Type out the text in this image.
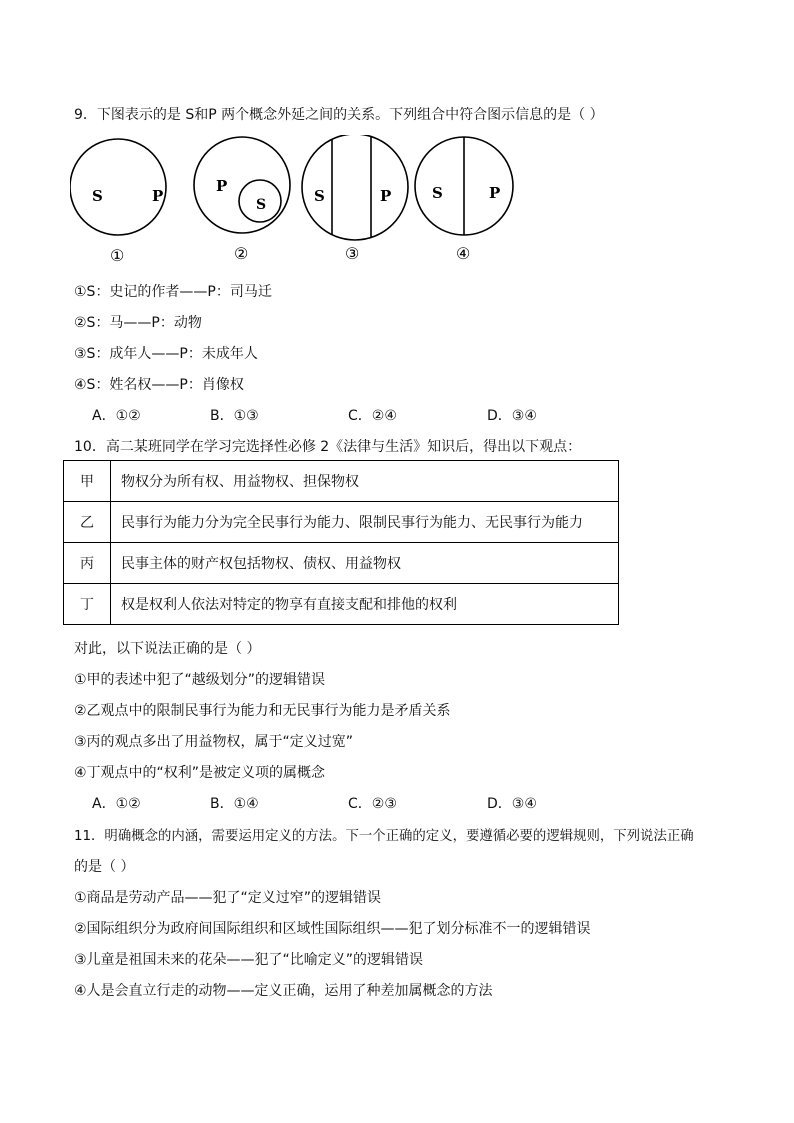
9．下图表示的是 S和P 两个概念外延之间的关系。下列组合中符合图示信息的是（ ）
S	P
①
P
S
②
S	P
③
S	P
④
①S：史记的作者——P：司马迁
②S：马——P：动物
③S：成年人——P：未成年人
④S：姓名权——P：肖像权
A．①②	B．①③	C．②④	D．③④
10．高二某班同学在学习完选择性必修 2《法律与生活》知识后，得出以下观点：
甲	物权分为所有权、用益物权、担保物权
乙	民事行为能力分为完全民事行为能力、限制民事行为能力、无民事行为能力
丙	民事主体的财产权包括物权、债权、用益物权
丁	权是权利人依法对特定的物享有直接支配和排他的权利
对此，以下说法正确的是（ ）
①甲的表述中犯了“越级划分”的逻辑错误
②乙观点中的限制民事行为能力和无民事行为能力是矛盾关系
③丙的观点多出了用益物权，属于“定义过宽”
④丁观点中的“权利”是被定义项的属概念
A．①②	B．①④	C．②③	D．③④
11．明确概念的内涵，需要运用定义的方法。下一个正确的定义，要遵循必要的逻辑规则，下列说法正确
的是（ ）
①商品是劳动产品——犯了“定义过窄”的逻辑错误
②国际组织分为政府间国际组织和区域性国际组织——犯了划分标准不一的逻辑错误
③儿童是祖国未来的花朵——犯了“比喻定义”的逻辑错误
④人是会直立行走的动物——定义正确，运用了种差加属概念的方法
